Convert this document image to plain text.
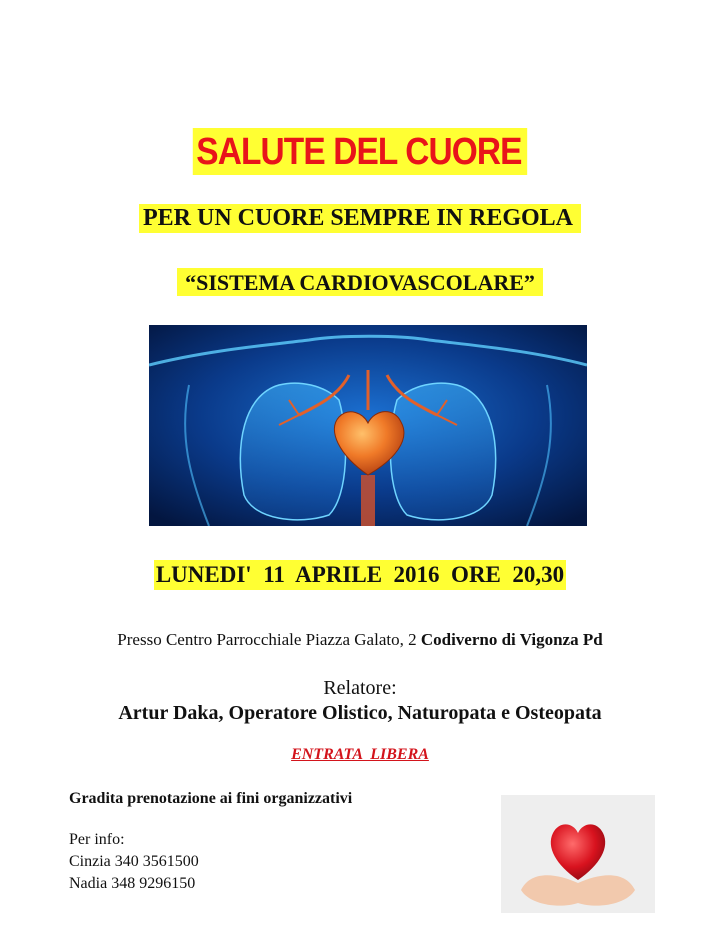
SALUTE DEL CUORE
PER UN CUORE SEMPRE IN REGOLA
“SISTEMA CARDIOVASCOLARE”
LUNEDI'  11  APRILE  2016  ORE  20,30
Presso Centro Parrocchiale Piazza Galato, 2 Codiverno di Vigonza Pd
Relatore:
Artur Daka, Operatore Olistico, Naturopata e Osteopata
ENTRATA  LIBERA
Gradita prenotazione ai fini organizzativi
Per info:
Cinzia 340 3561500
Nadia 348 9296150
